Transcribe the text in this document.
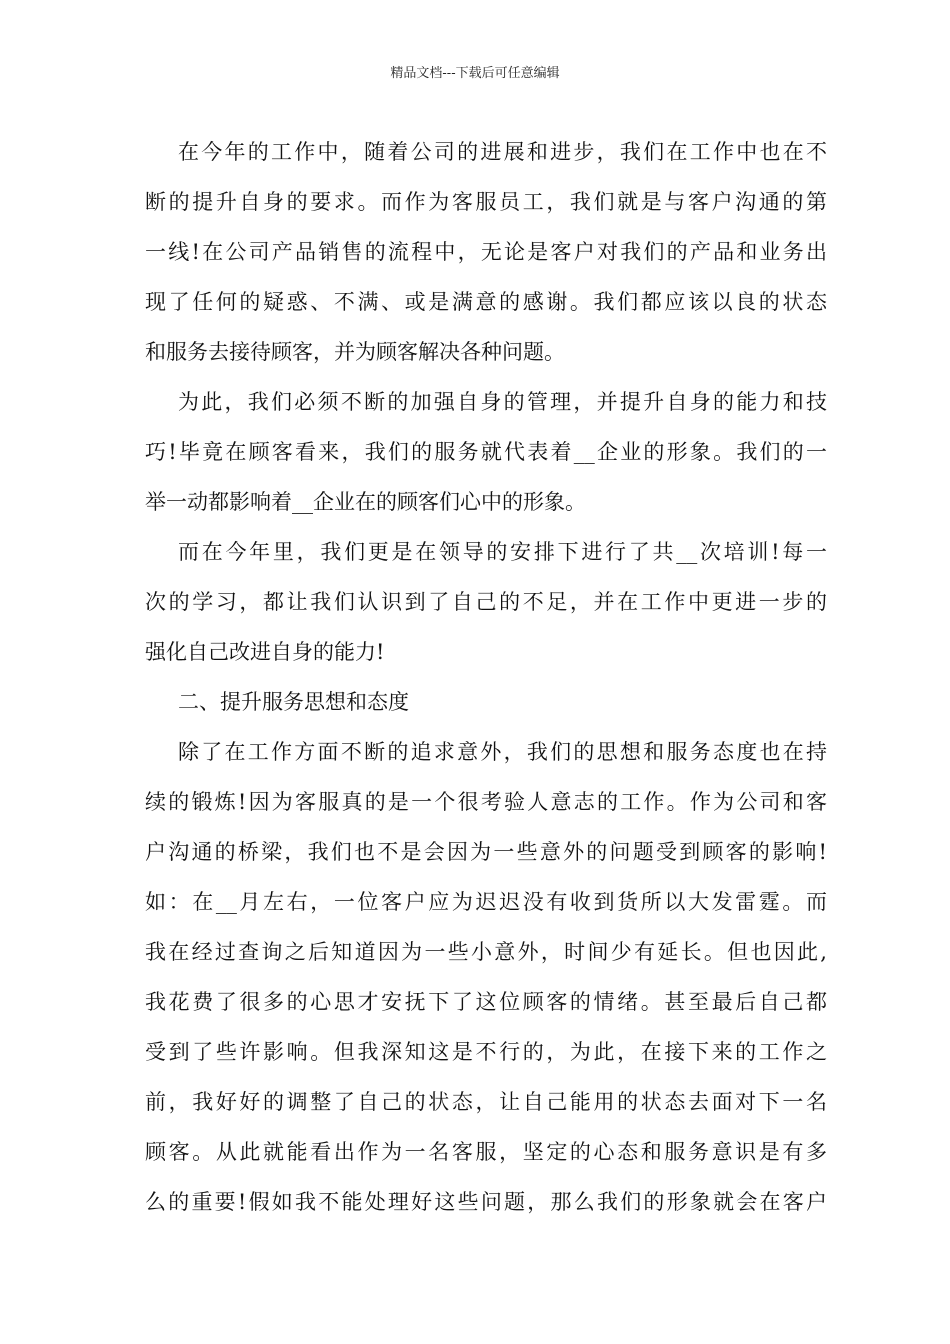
精品文档---下载后可任意编辑
在今年的工作中，随着公司的进展和进步，我们在工作中也在不
断的提升自身的要求。而作为客服员工，我们就是与客户沟通的第
一线!在公司产品销售的流程中，无论是客户对我们的产品和业务出
现了任何的疑惑、不满、或是满意的感谢。我们都应该以良的状态
和服务去接待顾客，并为顾客解决各种问题。
为此，我们必须不断的加强自身的管理，并提升自身的能力和技
巧!毕竟在顾客看来，我们的服务就代表着__企业的形象。我们的一
举一动都影响着__企业在的顾客们心中的形象。
而在今年里，我们更是在领导的安排下进行了共__次培训!每一
次的学习，都让我们认识到了自己的不足，并在工作中更进一步的
强化自己改进自身的能力!
二、提升服务思想和态度
除了在工作方面不断的追求意外，我们的思想和服务态度也在持
续的锻炼!因为客服真的是一个很考验人意志的工作。作为公司和客
户沟通的桥梁，我们也不是会因为一些意外的问题受到顾客的影响!
如：在__月左右，一位客户应为迟迟没有收到货所以大发雷霆。而
我在经过查询之后知道因为一些小意外，时间少有延长。但也因此,
我花费了很多的心思才安抚下了这位顾客的情绪。甚至最后自己都
受到了些许影响。但我深知这是不行的，为此，在接下来的工作之
前，我好好的调整了自己的状态，让自己能用的状态去面对下一名
顾客。从此就能看出作为一名客服，坚定的心态和服务意识是有多
么的重要!假如我不能处理好这些问题，那么我们的形象就会在客户
